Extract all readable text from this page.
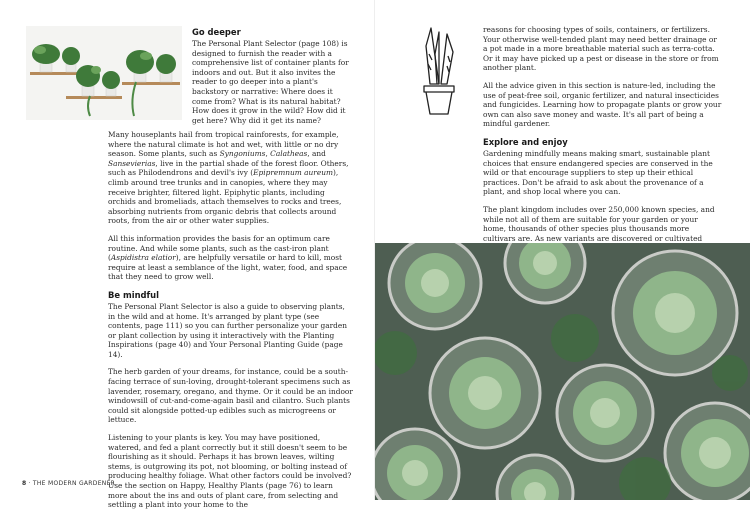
Go deeper

The Personal Plant Selector (page 108) is designed to furnish the reader with a comprehensive list of container plants for indoors and out. But it also invites the reader to go deeper into a plant's backstory or narrative: Where does it come from? What is its natural habitat? How does it grow in the wild? How did it get here? Why did it get its name?

Many houseplants hail from tropical rainforests, for example, where the natural climate is hot and wet, with little or no dry season. Some plants, such as Syngoniums, Calatheas, and Sansevierias, live in the partial shade of the forest floor. Others, such as Philodendrons and devil's ivy (Epipremnum aureum), climb around tree trunks and in canopies, where they may receive brighter, filtered light. Epiphytic plants, including orchids and bromeliads, attach themselves to rocks and trees, absorbing nutrients from organic debris that collects around roots, from the air or other water supplies.

All this information provides the basis for an optimum care routine. And while some plants, such as the cast-iron plant (Aspidistra elatior), are helpfully versatile or hard to kill, most require at least a semblance of the light, water, food, and space that they need to grow well.

Be mindful

The Personal Plant Selector is also a guide to observing plants, in the wild and at home. It's arranged by plant type (see contents, page 111) so you can further personalize your garden or plant collection by using it interactively with the Planting Inspirations (page 40) and Your Personal Planting Guide (page 14).

The herb garden of your dreams, for instance, could be a south-facing terrace of sun-loving, drought-tolerant specimens such as lavender, rosemary, oregano, and thyme. Or it could be an indoor windowsill of cut-and-come-again basil and cilantro. Such plants could sit alongside potted-up edibles such as microgreens or lettuce.

Listening to your plants is key. You may have positioned, watered, and fed a plant correctly but it still doesn't seem to be flourishing as it should. Perhaps it has brown leaves, wilting stems, is outgrowing its pot, not blooming, or bolting instead of producing healthy foliage. What other factors could be involved? Use the section on Happy, Healthy Plants (page 76) to learn more about the ins and outs of plant care, from selecting and settling a plant into your home to the

8 · THE MODERN GARDENER

reasons for choosing types of soils, containers, or fertilizers. Your otherwise well-tended plant may need better drainage or a pot made in a more breathable material such as terra-cotta. Or it may have picked up a pest or disease in the store or from another plant.

All the advice given in this section is nature-led, including the use of peat-free soil, organic fertilizer, and natural insecticides and fungicides. Learning how to propagate plants or grow your own can also save money and waste. It's all part of being a mindful gardener.

Explore and enjoy

Gardening mindfully means making smart, sustainable plant choices that ensure endangered species are conserved in the wild or that encourage suppliers to step up their ethical practices. Don't be afraid to ask about the provenance of a plant, and shop local where you can.

The plant kingdom includes over 250,000 known species, and while not all of them are suitable for your garden or your home, thousands of other species plus thousands more cultivars are. As new variants are discovered or cultivated
